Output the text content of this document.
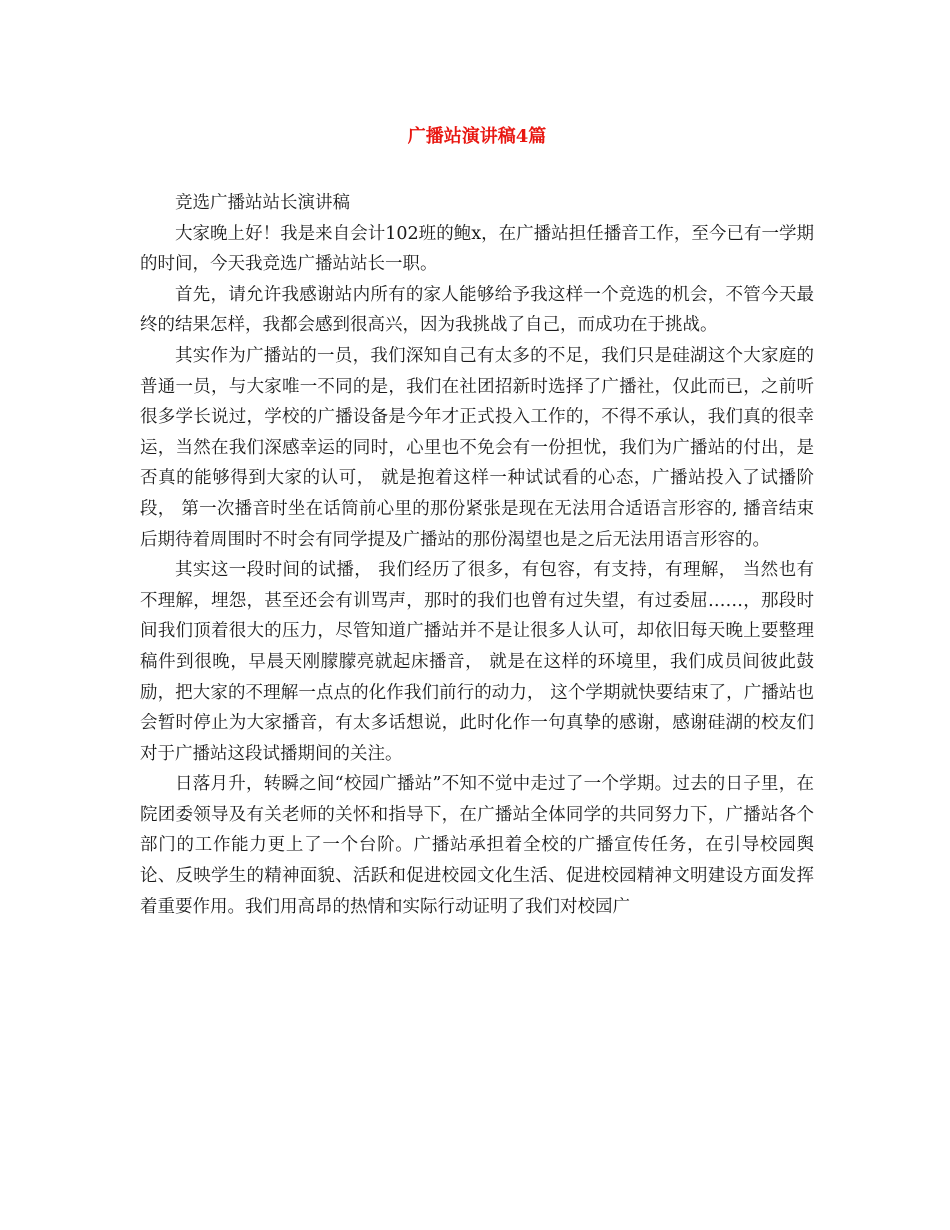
广播站演讲稿4篇

竞选广播站站长演讲稿

大家晚上好！我是来自会计102班的鲍x，在广播站担任播音工作，至今已有一学期的时间，今天我竞选广播站站长一职。

首先，请允许我感谢站内所有的家人能够给予我这样一个竞选的机会，不管今天最终的结果怎样，我都会感到很高兴，因为我挑战了自己，而成功在于挑战。

其实作为广播站的一员，我们深知自己有太多的不足，我们只是硅湖这个大家庭的普通一员，与大家唯一不同的是，我们在社团招新时选择了广播社，仅此而已，之前听很多学长说过，学校的广播设备是今年才正式投入工作的，不得不承认，我们真的很幸运，当然在我们深感幸运的同时，心里也不免会有一份担忧，我们为广播站的付出，是否真的能够得到大家的认可， 就是抱着这样一种试试看的心态，广播站投入了试播阶段， 第一次播音时坐在话筒前心里的那份紧张是现在无法用合适语言形容的, 播音结束后期待着周围时不时会有同学提及广播站的那份渴望也是之后无法用语言形容的。

其实这一段时间的试播， 我们经历了很多，有包容，有支持，有理解， 当然也有不理解，埋怨，甚至还会有训骂声，那时的我们也曾有过失望，有过委屈……，那段时间我们顶着很大的压力，尽管知道广播站并不是让很多人认可，却依旧每天晚上要整理稿件到很晚，早晨天刚朦朦亮就起床播音， 就是在这样的环境里，我们成员间彼此鼓励，把大家的不理解一点点的化作我们前行的动力， 这个学期就快要结束了，广播站也会暂时停止为大家播音，有太多话想说，此时化作一句真挚的感谢，感谢硅湖的校友们对于广播站这段试播期间的关注。

日落月升，转瞬之间“校园广播站”不知不觉中走过了一个学期。过去的日子里，在院团委领导及有关老师的关怀和指导下，在广播站全体同学的共同努力下，广播站各个部门的工作能力更上了一个台阶。广播站承担着全校的广播宣传任务，在引导校园舆论、反映学生的精神面貌、活跃和促进校园文化生活、促进校园精神文明建设方面发挥着重要作用。我们用高昂的热情和实际行动证明了我们对校园广
